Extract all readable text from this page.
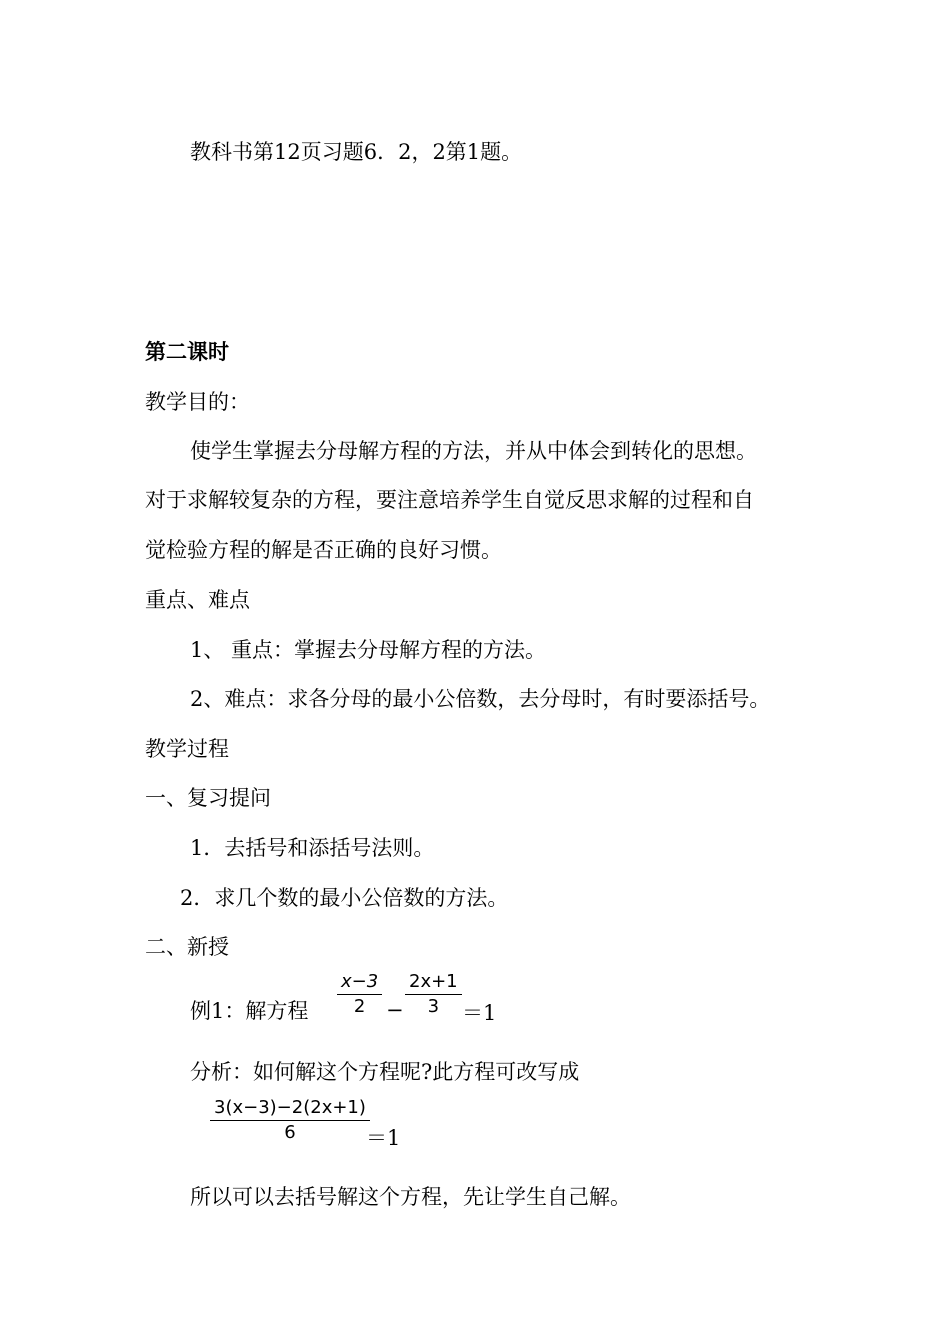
教科书第12页习题6．2，2第1题。
第二课时
教学目的：
使学生掌握去分母解方程的方法，并从中体会到转化的思想。
对于求解较复杂的方程，要注意培养学生自觉反思求解的过程和自
觉检验方程的解是否正确的良好习惯。
重点、难点
1、 重点：掌握去分母解方程的方法。
2、难点：求各分母的最小公倍数，去分母时，有时要添括号。
教学过程
一、复习提问
1．去括号和添括号法则。
2．求几个数的最小公倍数的方法。
二、新授
例1：解方程
x−3
2 −
2x+1
3	＝1
分析：如何解这个方程呢?此方程可改写成
3(x−3)−2(2x+1)
6	＝1
所以可以去括号解这个方程，先让学生自己解。
